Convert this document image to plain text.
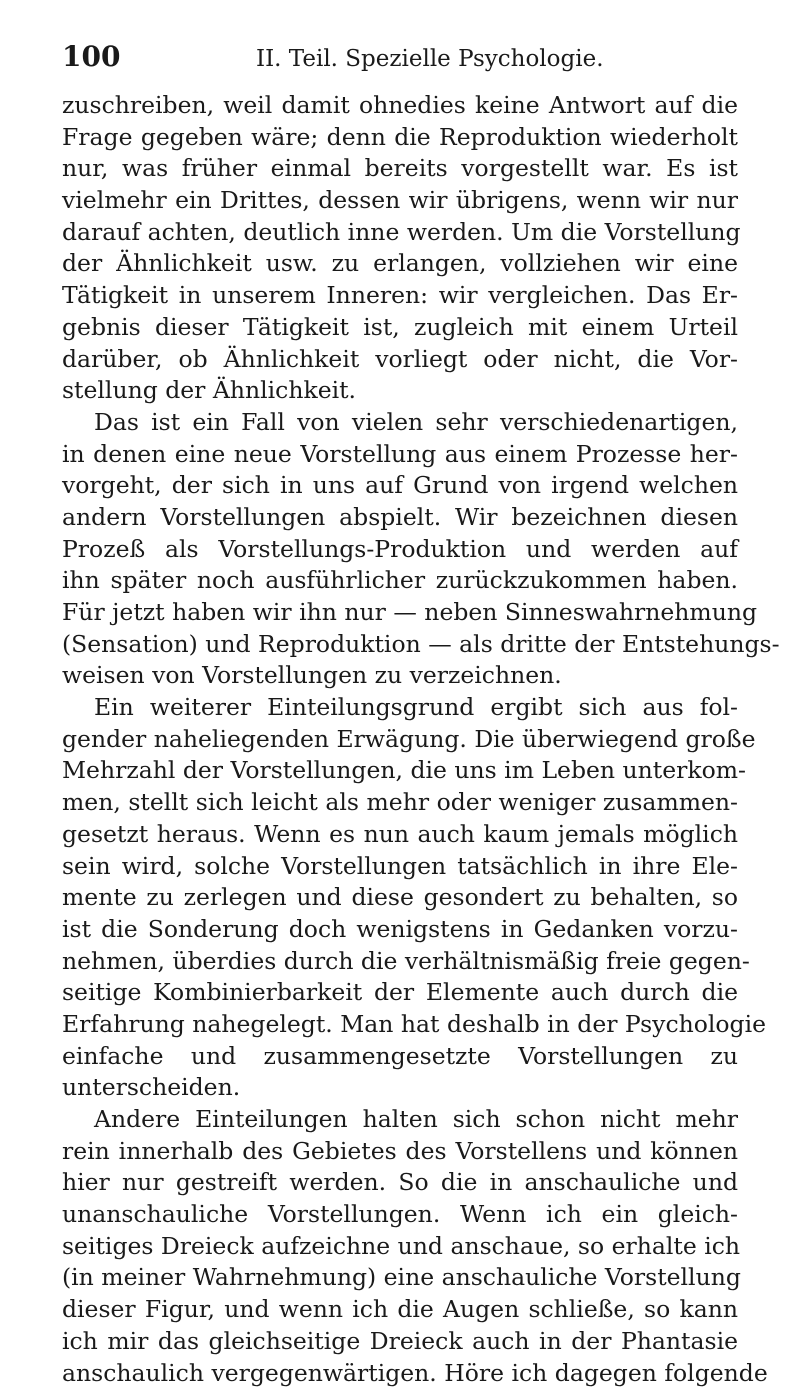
100	II. Teil. Spezielle Psychologie.
zuschreiben, weil damit ohnedies keine Antwort auf die
Frage gegeben wäre; denn die Reproduktion wiederholt
nur, was früher einmal bereits vorgestellt war. Es ist
vielmehr ein Drittes, dessen wir übrigens, wenn wir nur
darauf achten, deutlich inne werden. Um die Vorstellung
der Ähnlichkeit usw. zu erlangen, vollziehen wir eine
Tätigkeit in unserem Inneren: wir vergleichen. Das Er-
gebnis dieser Tätigkeit ist, zugleich mit einem Urteil
darüber, ob Ähnlichkeit vorliegt oder nicht, die Vor-
stellung der Ähnlichkeit.
Das ist ein Fall von vielen sehr verschiedenartigen,
in denen eine neue Vorstellung aus einem Prozesse her-
vorgeht, der sich in uns auf Grund von irgend welchen
andern Vorstellungen abspielt. Wir bezeichnen diesen
Prozeß als Vorstellungs-Produktion und werden auf
ihn später noch ausführlicher zurückzukommen haben.
Für jetzt haben wir ihn nur — neben Sinneswahrnehmung
(Sensation) und Reproduktion — als dritte der Entstehungs-
weisen von Vorstellungen zu verzeichnen.
Ein weiterer Einteilungsgrund ergibt sich aus fol-
gender naheliegenden Erwägung. Die überwiegend große
Mehrzahl der Vorstellungen, die uns im Leben unterkom-
men, stellt sich leicht als mehr oder weniger zusammen-
gesetzt heraus. Wenn es nun auch kaum jemals möglich
sein wird, solche Vorstellungen tatsächlich in ihre Ele-
mente zu zerlegen und diese gesondert zu behalten, so
ist die Sonderung doch wenigstens in Gedanken vorzu-
nehmen, überdies durch die verhältnismäßig freie gegen-
seitige Kombinierbarkeit der Elemente auch durch die
Erfahrung nahegelegt. Man hat deshalb in der Psychologie
einfache und zusammengesetzte Vorstellungen zu
unterscheiden.
Andere Einteilungen halten sich schon nicht mehr
rein innerhalb des Gebietes des Vorstellens und können
hier nur gestreift werden. So die in anschauliche und
unanschauliche Vorstellungen. Wenn ich ein gleich-
seitiges Dreieck aufzeichne und anschaue, so erhalte ich
(in meiner Wahrnehmung) eine anschauliche Vorstellung
dieser Figur, und wenn ich die Augen schließe, so kann
ich mir das gleichseitige Dreieck auch in der Phantasie
anschaulich vergegenwärtigen. Höre ich dagegen folgende
